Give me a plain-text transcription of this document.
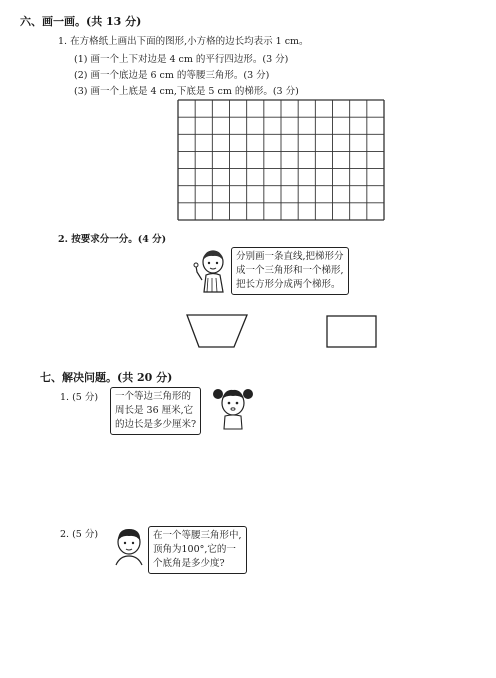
六、画一画。(共 13 分)
1. 在方格纸上画出下面的图形,小方格的边长均表示 1 cm。
(1) 画一个上下对边是 4 cm 的平行四边形。(3 分)
(2) 画一个底边是 6 cm 的等腰三角形。(3 分)
(3) 画一个上底是 4 cm,下底是 5 cm 的梯形。(3 分)
2. 按要求分一分。(4 分)
分别画一条直线,把梯形分
成一个三角形和一个梯形,
把长方形分成两个梯形。
七、解决问题。(共 20 分)
1. (5 分) 一个等边三角形的
周长是 36 厘米,它
的边长是多少厘米?
2. (5 分)	在一个等腰三角形中,
顶角为100°,它的一
个底角是多少度?
